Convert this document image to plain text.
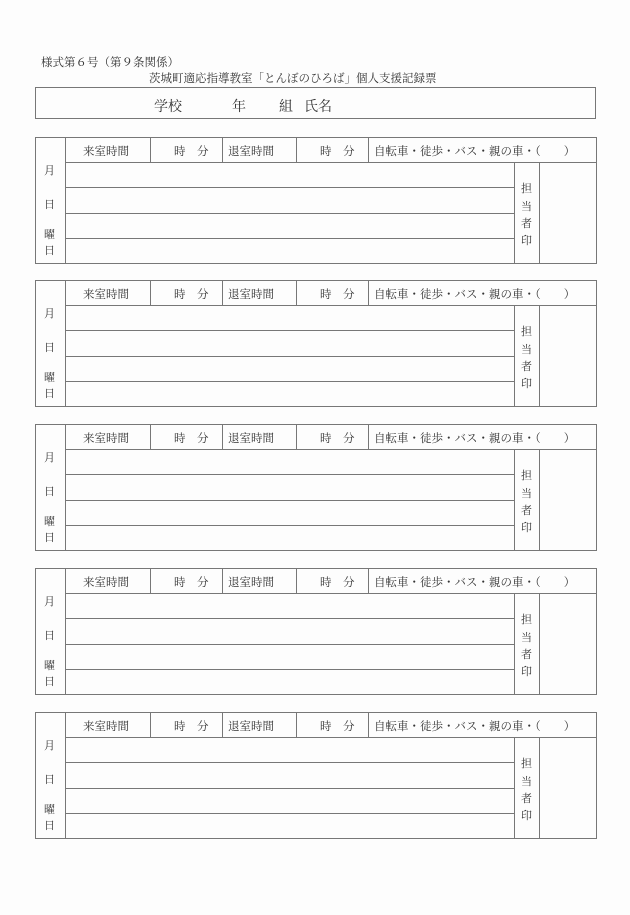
様式第６号（第９条関係）
茨城町適応指導教室「とんぼのひろば」個人支援記録票
学校	年 組 氏名
来室時間	時　分 退室時間	時　分 自転車・徒歩・バス・親の車・（　　）
月
日
曜
日
担
当
者
印
来室時間	時　分 退室時間	時　分 自転車・徒歩・バス・親の車・（　　）
月
日
曜
日
担
当
者
印
来室時間	時　分 退室時間	時　分 自転車・徒歩・バス・親の車・（　　）
月
日
曜
日
担
当
者
印
来室時間	時　分 退室時間	時　分 自転車・徒歩・バス・親の車・（　　）
月
日
曜
日
担
当
者
印
来室時間	時　分 退室時間	時　分 自転車・徒歩・バス・親の車・（　　）
月
日
曜
日
担
当
者
印
